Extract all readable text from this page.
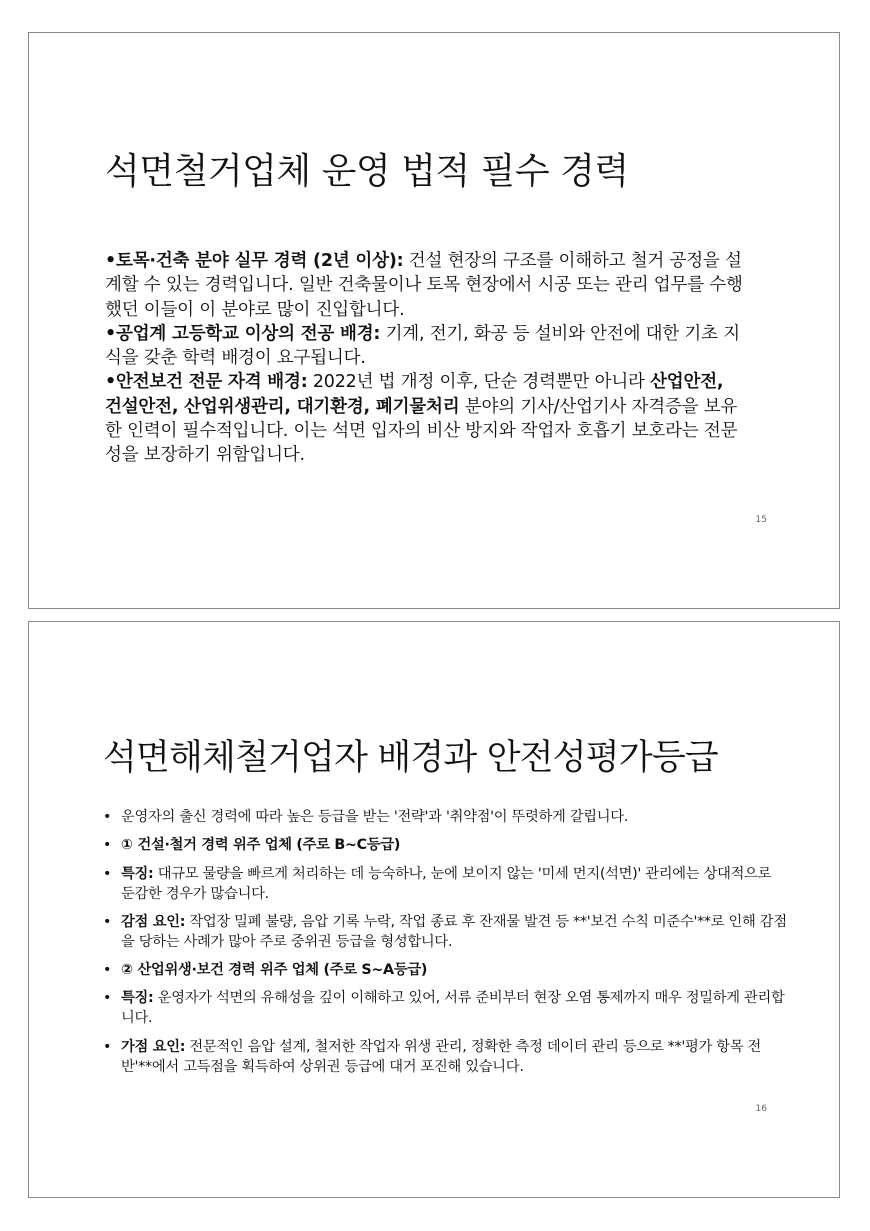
석면철거업체 운영 법적 필수 경력

•토목·건축 분야 실무 경력 (2년 이상): 건설 현장의 구조를 이해하고 철거 공정을 설계할 수 있는 경력입니다. 일반 건축물이나 토목 현장에서 시공 또는 관리 업무를 수행했던 이들이 이 분야로 많이 진입합니다.

•공업계 고등학교 이상의 전공 배경: 기계, 전기, 화공 등 설비와 안전에 대한 기초 지식을 갖춘 학력 배경이 요구됩니다.

•안전보건 전문 자격 배경: 2022년 법 개정 이후, 단순 경력뿐만 아니라 산업안전, 건설안전, 산업위생관리, 대기환경, 폐기물처리 분야의 기사/산업기사 자격증을 보유한 인력이 필수적입니다. 이는 석면 입자의 비산 방지와 작업자 호흡기 보호라는 전문성을 보장하기 위함입니다.

15
석면해체철거업자 배경과 안전성평가등급
• 운영자의 출신 경력에 따라 높은 등급을 받는 '전략'과 '취약점'이 뚜렷하게 갈립니다.
• ① 건설·철거 경력 위주 업체 (주로 B~C등급)
• 특징: 대규모 물량을 빠르게 처리하는 데 능숙하나, 눈에 보이지 않는 '미세 먼지(석면)' 관리에는 상대적으로 둔감한 경우가 많습니다.
• 감점 요인: 작업장 밀폐 불량, 음압 기록 누락, 작업 종료 후 잔재물 발견 등 **'보건 수칙 미준수'**로 인해 감점을 당하는 사례가 많아 주로 중위권 등급을 형성합니다.
• ② 산업위생·보건 경력 위주 업체 (주로 S~A등급)
• 특징: 운영자가 석면의 유해성을 깊이 이해하고 있어, 서류 준비부터 현장 오염 통제까지 매우 정밀하게 관리합니다.
• 가점 요인: 전문적인 음압 설계, 철저한 작업자 위생 관리, 정확한 측정 데이터 관리 등으로 **'평가 항목 전반'**에서 고득점을 획득하여 상위권 등급에 대거 포진해 있습니다.
16
